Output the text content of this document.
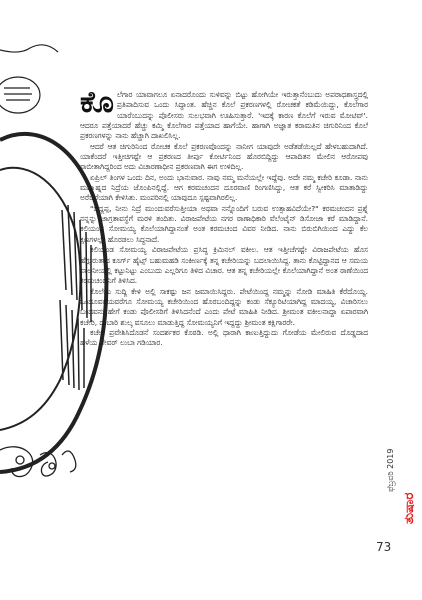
ಕೊಲೆಗಾರ ಯಾವಾಗಲೂ ಏನಾದರೊಂದು ಸುಳಿವನ್ನು ಬಿಟ್ಟು ಹೋಗಿಯೇ ಇರುತ್ತಾನೆಂಬುದು ಅಪರಾಧಶಾಸ್ತ್ರದಲ್ಲಿ ಪ್ರತಿಪಾದಿಸುವ ಒಂದು ಸಿದ್ಧಾಂತ. ಹೆಚ್ಚಿನ ಕೊಲೆ ಪ್ರಕರಣಗಳಲ್ಲಿ ರೋಚಕತೆ ಕಡಿಮೆಯಿದ್ದು, ಕೊಲೆಗಾರ ಯಾರೆಂಬುದನ್ನು ಪೊಲೀಸರು ಸುಲಭವಾಗಿ ಊಹಿಸುತ್ತಾರೆ. 'ಇದಕ್ಕೆ ಕಾರಣ ಕೊಲೆಗೆ ಇರುವ ಮೋಟಿವ್'. ಆದರೂ ಪತ್ತೆಯಾದರೆ ಹೆಚ್ಚು ಕಮ್ಮಿ ಕೊಲೆಗಾರ ಪತ್ತೆಯಾದ ಹಾಗೆಯೇ. ಹಾಗಾಗಿ ಅಜ್ಞಾತ ಕರಾಮತಿನ ಚಿಗುರಿನಿಂದ ಕೊಲೆ ಪ್ರಕರಣಗಳನ್ನು ನಾನು ಹೆಚ್ಚಾಗಿ ದಾಖಲಿಸಿಲ್ಲ.

ಆದರೆ ಆತ ಚಿಗುರಿನಿಂದ ರೋಚಕ ಕೊಲೆ ಪ್ರಕರಣವೊಂದನ್ನು ನಾನೀಗ ಯಾವುದೇ ಅಡೆತಡೆಯಿಲ್ಲದೆ ಹೇಳಬಹುದಾಗಿದೆ. ಯಾಕೆಂದರೆ ಇತ್ತೀಚಿಗಷ್ಟೇ ಆ ಪ್ರಕರಣದ ತೀರ್ಪು ಕೋರ್ಟಿನಿಂದ ಹೊರಬಿದ್ದಿದ್ದು ಆಪಾದಿತನ ಮೇಲಿನ ಆರೋಪವು ಸಾಬೀತಾಗಿದ್ದರಿಂದ ಅದು ವಿಚಾರಣಾಧೀನ ಪ್ರಕರಣವಾಗಿ ಈಗ ಉಳಿದಿಲ್ಲ.

ಏಪ್ರಿಲ್ ತಿಂಗಳ ಒಂದು ದಿನ, ಅಂದು ಭಾನುವಾರ. ನಾವು ನಮ್ಮ ಮನೆಯಲ್ಲೇ ಇದ್ದೆವು. ಅದೇ ನಮ್ಮ ಕಚೇರಿ ಕೂಡಾ. ನಾನು ಮಧ್ಯಾಹ್ನದ ನಿದ್ರೆಯ ಜೊಂಪಿನಲ್ಲಿದ್ದೆ. ಆಗ ಕರಮಚಂದನ ದೂರವಾಣಿ ರಿಂಗಣಿಸಿದ್ದು, ಆತ ಕರೆ ಸ್ವೀಕರಿಸಿ ಮಾತಾಡಿದ್ದು ಅರೆಬರೆಯಾಗಿ ಕೇಳಿಸಿತು. ಮಂಪರಿನಲ್ಲಿ ಯಾವುದೂ ಸ್ಪಷ್ಟವಾಗಿರಲಿಲ್ಲ.

"ಬಿದ್ದಪ್ಪ, ನೀನು ನಿದ್ರೆ ಮುಂದುವರೆಸುತ್ತೀಯಾ ಅಥವಾ ನನ್ನೊಂದಿಗೆ ಬರುವ ಉತ್ಸಾಹವಿದೆಯೇ?" ಕರಮಚಂದನ ಪ್ರಶ್ನೆ ನನ್ನನ್ನು ಜಾಗ್ರತಾವಸ್ಥೆಗೆ ಮರಳಿ ತಂದಿತು. ವಿರಾಜಪೇಟೆಯ ನಗರ ಠಾಣಾಧಿಕಾರಿ ವೆಲೆಂಟೈನ್ ಡಿಸೋಜಾ ಕರೆ ಮಾಡಿದ್ದಾನೆ. ಕಲಿಯಂಡ ಸೋಮಯ್ಯ ಕೊಲೆಯಾಗಿದ್ದಾನಂತೆ ಅಂತ ಕರಮಚಂದ ವಿವರ ನೀಡಿದ. ನಾನು ಬಿರುಬಿಗಿಯಿಂದ ಎದ್ದು ಕೆಲ ಕ್ಷಣಗಳಲ್ಲೇ ಹೊರಡಲು ಸಿದ್ಧನಾದೆ.

ಕಲಿಯಂಡ ಸೋಮಯ್ಯ ವಿರಾಜಪೇಟೆಯ ಪ್ರಸಿದ್ಧ ಕ್ರಿಮಿನಲ್ ವಕೀಲ. ಆತ ಇತ್ತೀಚೆಗಷ್ಟೇ ವಿರಾಜಪೇಟೆಯ ಹೊಸ ಹೆಗ್ಗುರುತಾದ ಕೂರ್ಗ್ ಹೈಟ್ಸ್ ಬಹುಮಹಡಿ ಸಂಕೀರ್ಣಕ್ಕೆ ತನ್ನ ಕಚೇರಿಯನ್ನು ಬದಲಾಯಿಸಿದ್ದ. ತಾನು ಕೊಟ್ಟಿದ್ದಾನದ ಆ ಸಮಯ ಪಾಲನೀಯಲ್ಲಿ ಕಟ್ಟುನಿಟ್ಟು ಎಂಬುದು ಎಲ್ಲರಿಗೂ ತಿಳಿದ ವಿಚಾರ. ಆತ ತನ್ನ ಕಚೇರಿಯಲ್ಲೇ ಕೊಲೆಯಾಗಿದ್ದಾನೆ ಅಂತ ಠಾಣೆಯಿಂದ ಕರಮಚಂದನಿಗೆ ತಿಳಿಸಿದ.

ಕೊಲೆಯ ಸುದ್ದಿ ಕೇಳಿ ಅಲ್ಲಿ ಸಾಕಷ್ಟು ಜನ ಜಮಾಯಿಸಿದ್ದರು. ಪೇಟೆಯಿಂದ್ದ ನಮ್ಮನ್ನು ನೋಡಿ ಮಾಹಿತಿ ಕೆರೆದೊಯ್ದ. ಒಂದೂವರೆಯವರೆಗೂ ಸೋಮಯ್ಯ ಕಚೇರಿಯಿಂದ ಹೊರಬಂದಿದ್ದನ್ನು ಕಂಡು ಸೆಕ್ಯೂರಿಟಿಯಾಗಿದ್ದ ಮಾದಯ್ಯ, ವಿಚಾರಿಸಲು ಬಂದವನು ಹೇಗೆ ಕಂಡು ಪೊಲೀಸರಿಗೆ ತಿಳಿಸಿದನೆಂದೆ ಎಂದು ಪೇಟೆ ಮಾಹಿತಿ ನೀಡಿದ. ಶ್ರೀಮಂತ ವಕೀಲನಾದ್ದಾ ಏಪಾರವಾಗಿ ಕಚೇರಿ, ದುಬಾರಿ ಶುಲ್ಕ ವಸೂಲು ಮಾಡುತ್ತಿದ್ದ ಸೋಮಯ್ಯನಿಗೆ ಇದ್ದದ್ದು ಶ್ರೀಮಂತ ಕಕ್ಷಿಗಾರರೇ.

ಕಚೇರಿ ಪ್ರವೇಶಿಸಿದೊಡನೆ ಸಂದರ್ಶಕರ ಕೊಠಡಿ. ಅಲ್ಲಿ ಧಾರಾಗಿ ಕಾಣುತ್ತಿದ್ದುದು ಗೋಡೆಯ ಮೇಲಿರುವ ದೊಡ್ಡದಾದ ಹಳೆಯ ಫೇವರ್ ಲುಬಾ ಗಡಿಯಾರ.

ಫೆಬ್ರವರಿ 2019
ತುಷಾರ
73
